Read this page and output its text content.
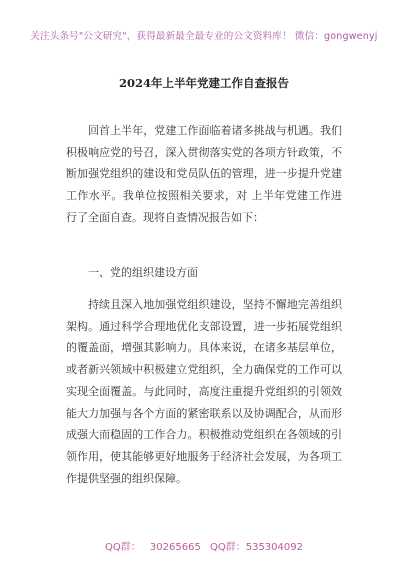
关注头条号"公文研究"，获得最新最全最专业的公文资料库！ 微信：gongwenyj
2024年上半年党建工作自查报告

回首上半年，党建工作面临着诸多挑战与机遇。我们积极响应党的号召，深入贯彻落实党的各项方针政策，不断加强党组织的建设和党员队伍的管理，进一步提升党建工作水平。我单位按照相关要求，对 上半年党建工作进行了全面自查。现将自查情况报告如下：

一、党的组织建设方面

持续且深入地加强党组织建设，坚持不懈地完善组织架构。通过科学合理地优化支部设置，进一步拓展党组织的覆盖面，增强其影响力。具体来说，在诸多基层单位，或者新兴领域中积极建立党组织，全力确保党的工作可以实现全面覆盖。与此同时，高度注重提升党组织的引领效能大力加强与各个方面的紧密联系以及协调配合，从而形成强大而稳固的工作合力。积极推动党组织在各领域的引领作用，使其能够更好地服务于经济社会发展，为各项工作提供坚强的组织保障。

QQ群： 30265665 QQ群：535304092
